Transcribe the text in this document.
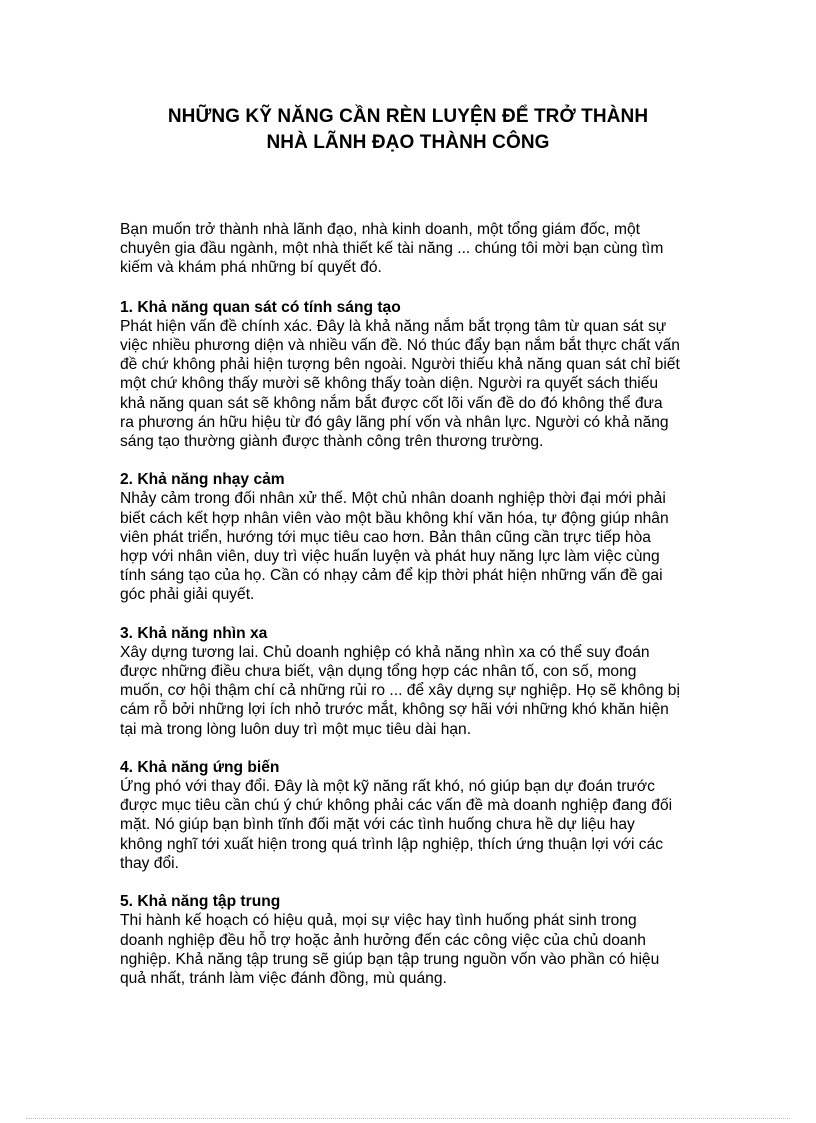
NHỮNG KỸ NĂNG CẦN RÈN LUYỆN ĐỂ TRỞ THÀNH
NHÀ LÃNH ĐẠO THÀNH CÔNG

Bạn muốn trở thành nhà lãnh đạo, nhà kinh doanh, một tổng giám đốc, một chuyên gia đầu ngành, một nhà thiết kế tài năng ... chúng tôi mời bạn cùng tìm kiếm và khám phá những bí quyết đó.

1. Khả năng quan sát có tính sáng tạo

Phát hiện vấn đề chính xác. Đây là khả năng nắm bắt trọng tâm từ quan sát sự việc nhiều phương diện và nhiều vấn đề. Nó thúc đẩy bạn nắm bắt thực chất vấn đề chứ không phải hiện tượng bên ngoài. Người thiếu khả năng quan sát chỉ biết một chứ không thấy mười sẽ không thấy toàn diện. Người ra quyết sách thiếu khả năng quan sát sẽ không nắm bắt được cốt lõi vấn đề do đó không thể đưa ra phương án hữu hiệu từ đó gây lãng phí vốn và nhân lực. Người có khả năng sáng tạo thường giành được thành công trên thương trường.

2. Khả năng nhạy cảm

Nhảy cảm trong đối nhân xử thế. Một chủ nhân doanh nghiệp thời đại mới phải biết cách kết hợp nhân viên vào một bầu không khí văn hóa, tự động giúp nhân viên phát triển, hướng tới mục tiêu cao hơn. Bản thân cũng cần trực tiếp hòa hợp với nhân viên, duy trì việc huấn luyện và phát huy năng lực làm việc cùng tính sáng tạo của họ. Cần có nhạy cảm để kịp thời phát hiện những vấn đề gai góc phải giải quyết.

3. Khả năng nhìn xa

Xây dựng tương lai. Chủ doanh nghiệp có khả năng nhìn xa có thể suy đoán được những điều chưa biết, vận dụng tổng hợp các nhân tố, con số, mong muốn, cơ hội thậm chí cả những rủi ro ... để xây dựng sự nghiệp. Họ sẽ không bị cám rỗ bởi những lợi ích nhỏ trước mắt, không sợ hãi với những khó khăn hiện tại mà trong lòng luôn duy trì một mục tiêu dài hạn.

4. Khả năng ứng biến

Ứng phó với thay đổi. Đây là một kỹ năng rất khó, nó giúp bạn dự đoán trước được mục tiêu cần chú ý chứ không phải các vấn đề mà doanh nghiệp đang đối mặt. Nó giúp bạn bình tĩnh đối mặt với các tình huống chưa hề dự liệu hay không nghĩ tới xuất hiện trong quá trình lập nghiệp, thích ứng thuận lợi với các thay đổi.

5. Khả năng tập trung

Thi hành kế hoạch có hiệu quả, mọi sự việc hay tình huống phát sinh trong doanh nghiệp đều hỗ trợ hoặc ảnh hưởng đến các công việc của chủ doanh nghiệp. Khả năng tập trung sẽ giúp bạn tập trung nguồn vốn vào phần có hiệu quả nhất, tránh làm việc đánh đồng, mù quáng.
